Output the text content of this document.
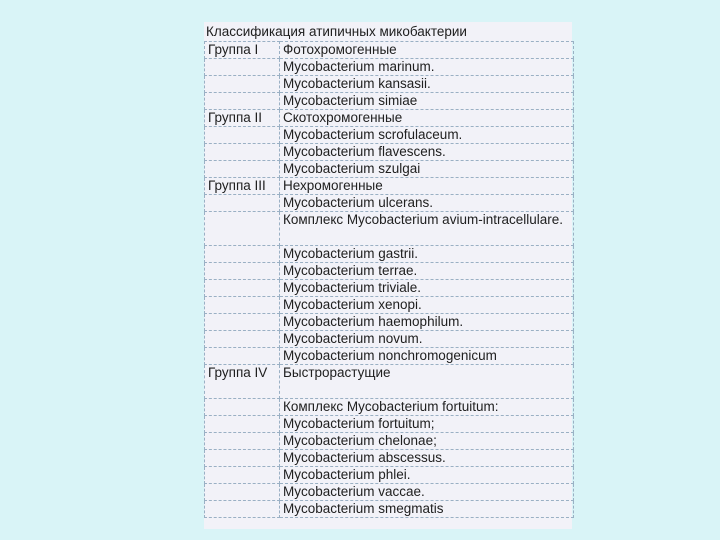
Классификация атипичных микобактерии
Группа I	Фотохромогенные
	Mycobacterium marinum.
	Mycobacterium kansasii.
	Mycobacterium simiae
Группа II	Скотохромогенные
	Mycobacterium scrofulaceum.
	Mycobacterium flavescens.
	Mycobacterium szulgai
Группа III	Нехромогенные
	Mycobacterium ulcerans.
	Комплекс Mycobacterium avium-intracellulare.
	Mycobacterium gastrii.
	Mycobacterium terrae.
	Mycobacterium triviale.
	Mycobacterium xenopi.
	Mycobacterium haemophilum.
	Mycobacterium novum.
	Mycobacterium nonchromogenicum
Группа IV	Быстрорастущие
	Комплекс Mycobacterium fortuitum:
	Mycobacterium fortuitum;
	Mycobacterium chelonae;
	Mycobacterium abscessus.
	Mycobacterium phlei.
	Mycobacterium vaccae.
	Mycobacterium smegmatis
